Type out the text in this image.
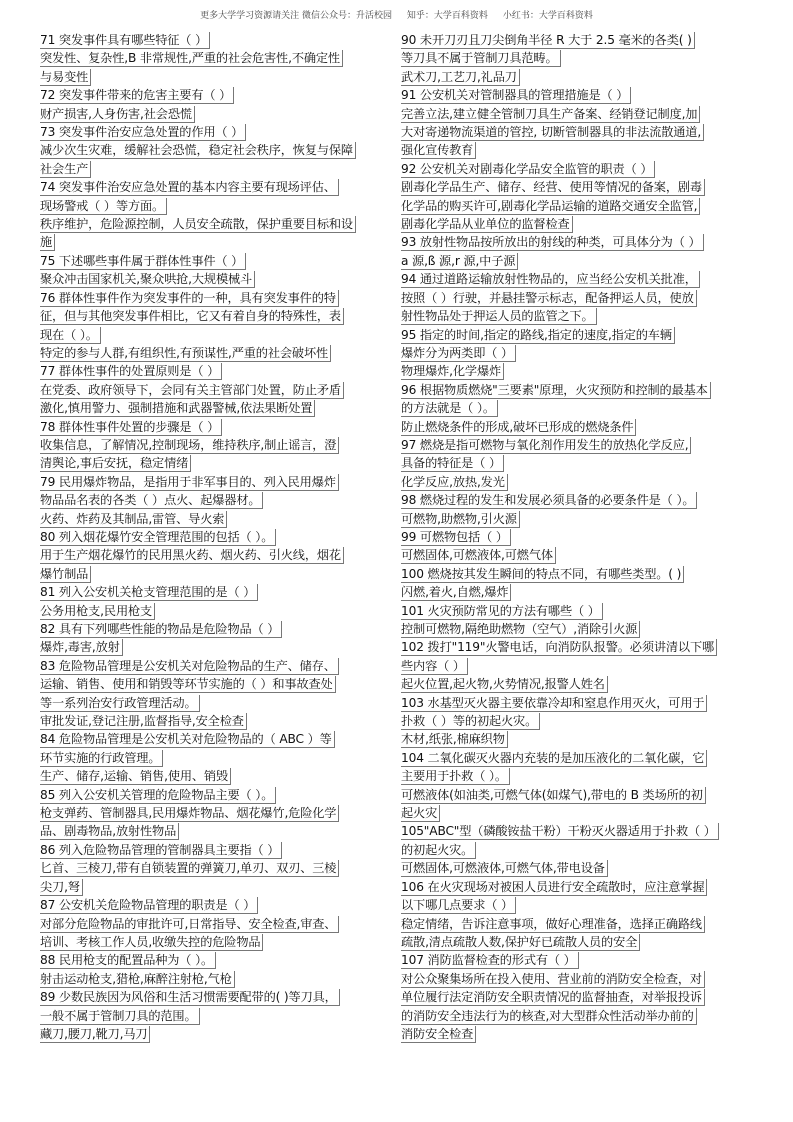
更多大学学习资源请关注 微信公众号：升活校园 知乎：大学百科资料 小红书：大学百科资料
71 突发事件具有哪些特征（ ）
突发性、复杂性,B 非常规性,严重的社会危害性,不确定性
与易变性
72 突发事件带来的危害主要有（ ）
财产损害,人身伤害,社会恐慌
73 突发事件治安应急处置的作用（ ）
减少次生灾难，缓解社会恐慌，稳定社会秩序，恢复与保障
社会生产
74 突发事件治安应急处置的基本内容主要有现场评估、
现场警戒（ ）等方面。
秩序维护，危险源控制，人员安全疏散，保护重要目标和设
施
75 下述哪些事件属于群体性事件（ ）
聚众冲击国家机关,聚众哄抢,大规模械斗
76 群体性事件作为突发事件的一种，具有突发事件的特
征，但与其他突发事件相比，它又有着自身的特殊性，表
现在（ ）。
特定的参与人群,有组织性,有预谋性,严重的社会破坏性
77 群体性事件的处置原则是（ ）
在党委、政府领导下，会同有关主管部门处置，防止矛盾
激化,慎用警力、强制措施和武器警械,依法果断处置
78 群体性事件处置的步骤是（ ）
收集信息，了解情况,控制现场，维持秩序,制止谣言，澄
清舆论,事后安抚，稳定情绪
79 民用爆炸物品，是指用于非军事目的、列入民用爆炸
物品品名表的各类（ ）点火、起爆器材。
火药、炸药及其制品,雷管、导火索
80 列入烟花爆竹安全管理范围的包括（ ）。
用于生产烟花爆竹的民用黑火药、烟火药、引火线，烟花
爆竹制品
81 列入公安机关枪支管理范围的是（ ）
公务用枪支,民用枪支
82 具有下列哪些性能的物品是危险物品（ ）
爆炸,毒害,放射
83 危险物品管理是公安机关对危险物品的生产、储存、
运输、销售、使用和销毁等环节实施的（ ）和事故查处
等一系列治安行政管理活动。
审批发证,登记注册,监督指导,安全检查
84 危险物品管理是公安机关对危险物品的（ ABC ）等
环节实施的行政管理。
生产、储存,运输、销售,使用、销毁
85 列入公安机关管理的危险物品主要（ ）。
枪支弹药、管制器具,民用爆炸物品、烟花爆竹,危险化学
品、剧毒物品,放射性物品
86 列入危险物品管理的管制器具主要指（ ）
匕首、三棱刀,带有自锁装置的弹簧刀,单刃、双刃、三棱
尖刀,弩
87 公安机关危险物品管理的职责是（ ）
对部分危险物品的审批许可,日常指导、安全检查,审查、
培训、考核工作人员,收缴失控的危险物品
88 民用枪支的配置品种为（ ）。
射击运动枪支,猎枪,麻醉注射枪,气枪
89 少数民族因为风俗和生活习惯需要配带的( )等刀具，
一般不属于管制刀具的范围。
藏刀,腰刀,靴刀,马刀
90 未开刀刃且刀尖倒角半径 R 大于 2.5 毫米的各类( )
等刀具不属于管制刀具范畴。
武术刀,工艺刀,礼品刀
91 公安机关对管制器具的管理措施是（ ）
完善立法,建立健全管制刀具生产备案、经销登记制度,加
大对寄递物流渠道的管控, 切断管制器具的非法流散通道,
强化宣传教育
92 公安机关对剧毒化学品安全监管的职责（ ）
剧毒化学品生产、储存、经营、使用等情况的备案，剧毒
化学品的购买许可,剧毒化学品运输的道路交通安全监管,
剧毒化学品从业单位的监督检查
93 放射性物品按所放出的射线的种类，可具体分为（ ）
a 源,ß 源,r 源,中子源
94 通过道路运输放射性物品的，应当经公安机关批准，
按照（ ）行驶，并悬挂警示标志，配备押运人员，使放
射性物品处于押运人员的监管之下。
95 指定的时间,指定的路线,指定的速度,指定的车辆
爆炸分为两类即（ ）
物理爆炸,化学爆炸
96 根据物质燃烧"三要素"原理，火灾预防和控制的最基本
的方法就是（ ）。
防止燃烧条件的形成,破坏已形成的燃烧条件
97 燃烧是指可燃物与氧化剂作用发生的放热化学反应,
具备的特征是（ ）
化学反应,放热,发光
98 燃烧过程的发生和发展必须具备的必要条件是（ ）。
可燃物,助燃物,引火源
99 可燃物包括（ ）
可燃固体,可燃液体,可燃气体
100 燃烧按其发生瞬间的特点不同，有哪些类型。( )
闪燃,着火,自燃,爆炸
101 火灾预防常见的方法有哪些（ ）
控制可燃物,隔绝助燃物（空气）,消除引火源
102 拨打"119"火警电话，向消防队报警。必须讲清以下哪
些内容（ ）
起火位置,起火物,火势情况,报警人姓名
103 水基型灭火器主要依靠冷却和窒息作用灭火，可用于
扑救（ ）等的初起火灾。
木材,纸张,棉麻织物
104 二氧化碳灭火器内充装的是加压液化的二氧化碳，它
主要用于扑救（ ）。
可燃液体(如油类,可燃气体(如煤气),带电的 B 类场所的初
起火灾
105"ABC"型（磷酸铵盐干粉）干粉灭火器适用于扑救（ ）
的初起火灾。
可燃固体,可燃液体,可燃气体,带电设备
106 在火灾现场对被困人员进行安全疏散时，应注意掌握
以下哪几点要求（ ）
稳定情绪，告诉注意事项，做好心理准备，选择正确路线
疏散,清点疏散人数,保护好已疏散人员的安全
107 消防监督检查的形式有（ ）
对公众聚集场所在投入使用、营业前的消防安全检查，对
单位履行法定消防安全职责情况的监督抽查，对举报投诉
的消防安全违法行为的核查,对大型群众性活动举办前的
消防安全检查
